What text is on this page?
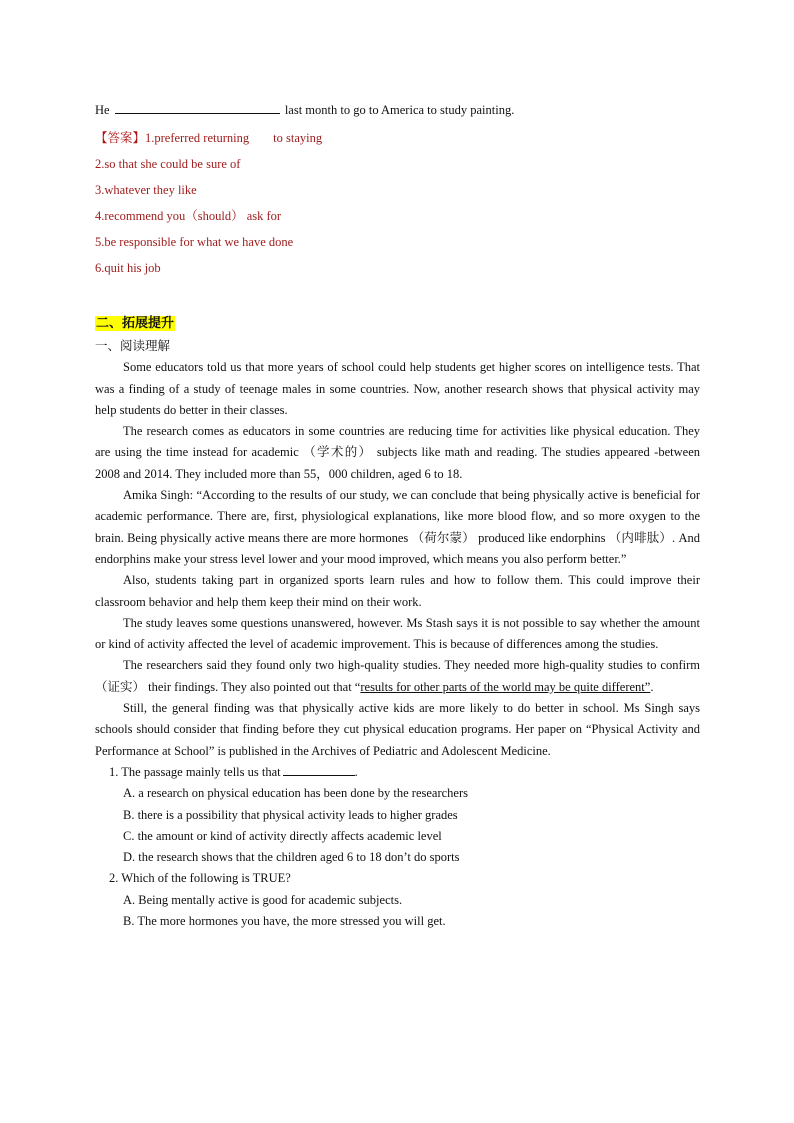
He	last month to go to America to study painting.
【答案】1.preferred returning to staying
2.so that she could be sure of
3.whatever they like
4.recommend you（should） ask for
5.be responsible for what we have done
6.quit his job
二、拓展提升
一、阅读理解

Some educators told us that more years of school could help students get higher scores on intelligence tests. That was a finding of a study of teenage males in some countries. Now, another research shows that physical activity may help students do better in their classes.

The research comes as educators in some countries are reducing time for activities like physical education. They are using the time instead for academic （学术的） subjects like math and reading. The studies appeared -between 2008 and 2014. They included more than 55，000 children, aged 6 to 18.

Amika Singh: “According to the results of our study, we can conclude that being physically active is beneficial for academic performance. There are, first, physiological explanations, like more blood flow, and so more oxygen to the brain. Being physically active means there are more hormones （荷尔蒙） produced like endorphins （内啡肽）. And endorphins make your stress level lower and your mood improved, which means you also perform better.”

Also, students taking part in organized sports learn rules and how to follow them. This could improve their classroom behavior and help them keep their mind on their work.

The study leaves some questions unanswered, however. Ms Stash says it is not possible to say whether the amount or kind of activity affected the level of academic improvement. This is because of differences among the studies.

The researchers said they found only two high-quality studies. They needed more high-quality studies to confirm （证实） their findings. They also pointed out that “results for other parts of the world may be quite different”.

Still, the general finding was that physically active kids are more likely to do better in school. Ms Singh says schools should consider that finding before they cut physical education programs. Her paper on “Physical Activity and Performance at School” is published in the Archives of Pediatric and Adolescent Medicine.

1. The passage mainly tells us that	.
A. a research on physical education has been done by the researchers
B. there is a possibility that physical activity leads to higher grades
C. the amount or kind of activity directly affects academic level
D. the research shows that the children aged 6 to 18 don’t do sports
2. Which of the following is TRUE?
A. Being mentally active is good for academic subjects.
B. The more hormones you have, the more stressed you will get.
